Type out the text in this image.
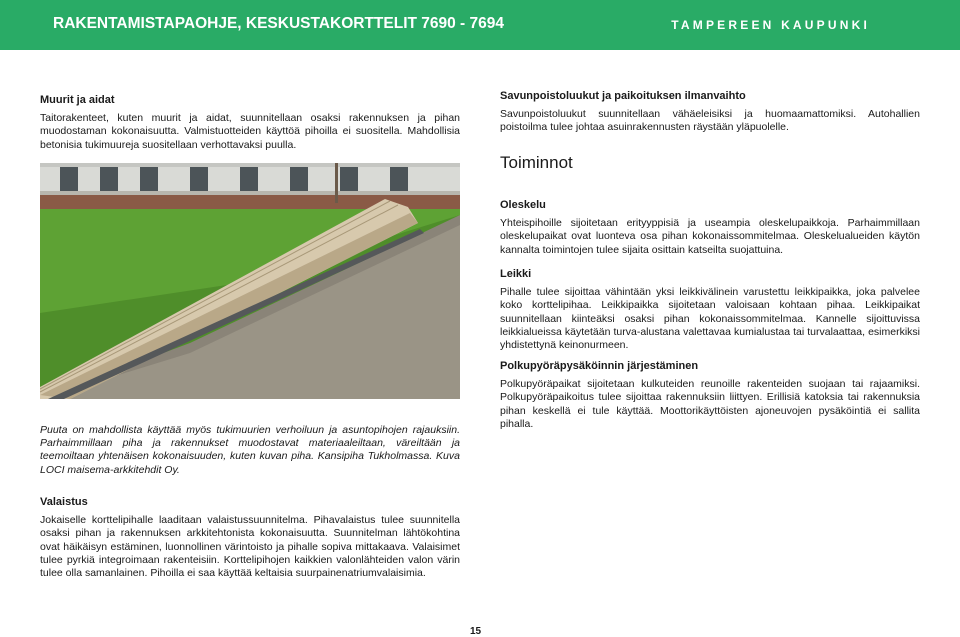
RAKENTAMISTAPAOHJE, KESKUSTAKORTTELIT 7690 - 7694	TAMPEREEN KAUPUNKI
Muurit ja aidat

Taitorakenteet, kuten muurit ja aidat, suunnitellaan osaksi rakennuksen ja pihan muodostaman kokonaisuutta. Valmistuotteiden käyttöä pihoilla ei suositella. Mahdollisia betonisia tukimuureja suositellaan verhottavaksi puulla.

Puuta on mahdollista käyttää myös tukimuurien verhoiluun ja asuntopihojen rajauksiin. Parhaimmillaan piha ja rakennukset muodostavat materiaaleiltaan, väreiltään ja teemoiltaan yhtenäisen kokonaisuuden, kuten kuvan piha. Kansipiha Tukholmassa. Kuva LOCI maisema-arkkitehdit Oy.

Valaistus

Jokaiselle korttelipihalle laaditaan valaistussuunnitelma. Pihavalaistus tulee suunnitella osaksi pihan ja rakennuksen arkkitehtonista kokonaisuutta. Suunnitelman lähtökohtina ovat häikäisyn estäminen, luonnollinen värintoisto ja pihalle sopiva mittakaava. Valaisimet tulee pyrkiä integroimaan rakenteisiin. Korttelipihojen kaikkien valonlähteiden valon värin tulee olla samanlainen. Pihoilla ei saa käyttää keltaisia suurpainenatriumvalaisimia.

Savunpoistoluukut ja paikoituksen ilmanvaihto

Savunpoistoluukut suunnitellaan vähäeleisiksi ja huomaamattomiksi. Autohallien poistoilma tulee johtaa asuinrakennusten räystään yläpuolelle.

Toiminnot

Oleskelu

Yhteispihoille sijoitetaan erityyppisiä ja useampia oleskelupaikkoja. Parhaimmillaan oleskelupaikat ovat luonteva osa pihan kokonaissommitelmaa. Oleskelualueiden käytön kannalta toimintojen tulee sijaita osittain katseilta suojattuina.

Leikki

Pihalle tulee sijoittaa vähintään yksi leikkivälinein varustettu leikkipaikka, joka palvelee koko korttelipihaa. Leikkipaikka sijoitetaan valoisaan kohtaan pihaa. Leikkipaikat suunnitellaan kiinteäksi osaksi pihan kokonaissommitelmaa. Kannelle sijoittuvissa leikkialueissa käytetään turva-alustana valettavaa kumialustaa tai turvalaattaa, esimerkiksi yhdistettynä keinonurmeen.

Polkupyöräpysäköinnin järjestäminen

Polkupyöräpaikat sijoitetaan kulkuteiden reunoille rakenteiden suojaan tai rajaamiksi. Polkupyöräpaikoitus tulee sijoittaa rakennuksiin liittyen. Erillisiä katoksia tai rakennuksia pihan keskellä ei tule käyttää. Moottorikäyttöisten ajoneuvojen pysäköintiä ei sallita pihalla.

15
